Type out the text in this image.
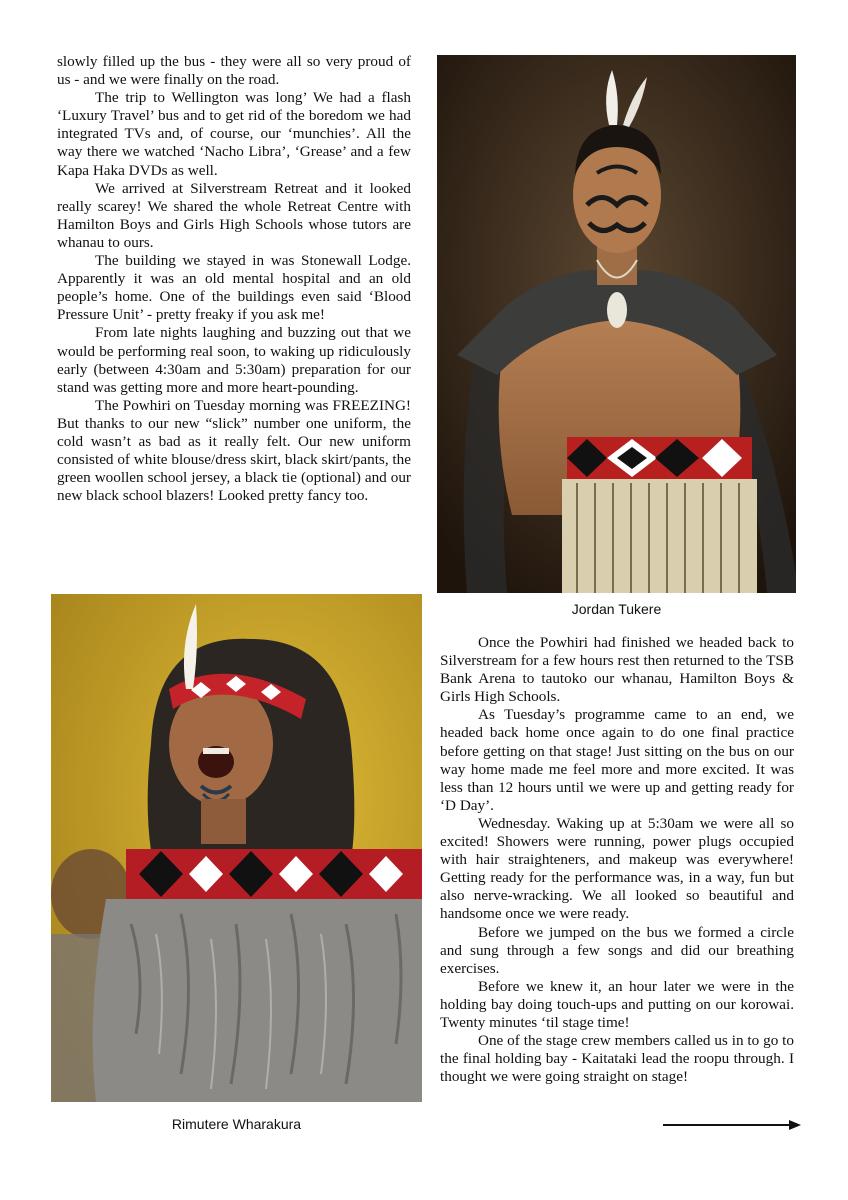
slowly filled up the bus - they were all so very proud of us - and we were finally on the road.

The trip to Wellington was long’ We had a flash ‘Luxury Travel’ bus and to get rid of the boredom we had integrated TVs and, of course, our ‘munchies’. All the way there we watched ‘Nacho Libra’, ‘Grease’ and a few Kapa Haka DVDs as well.

We arrived at Silverstream Retreat and it looked really scarey! We shared the whole Retreat Centre with Hamilton Boys and Girls High Schools whose tutors are whanau to ours.

The building we stayed in was Stonewall Lodge. Apparently it was an old mental hospital and an old people’s home. One of the buildings even said ‘Blood Pressure Unit’ - pretty freaky if you ask me!

From late nights laughing and buzzing out that we would be performing real soon, to waking up ridiculously early (between 4:30am and 5:30am) preparation for our stand was getting more and more heart-pounding.

The Powhiri on Tuesday morning was FREEZING! But thanks to our new “slick” number one uniform, the cold wasn’t as bad as it really felt. Our new uniform consisted of white blouse/dress skirt, black skirt/pants, the green woollen school jersey, a black tie (optional) and our new black school blazers! Looked pretty fancy too.

Jordan Tukere
Rimutere Wharakura

Once the Powhiri had finished we headed back to Silverstream for a few hours rest then returned to the TSB Bank Arena to tautoko our whanau, Hamilton Boys & Girls High Schools.

As Tuesday’s programme came to an end, we headed back home once again to do one final practice before getting on that stage! Just sitting on the bus on our way home made me feel more and more excited. It was less than 12 hours until we were up and getting ready for ‘D Day’.

Wednesday. Waking up at 5:30am we were all so excited! Showers were running, power plugs occupied with hair straighteners, and makeup was everywhere! Getting ready for the performance was, in a way, fun but also nerve-wracking. We all looked so beautiful and handsome once we were ready.

Before we jumped on the bus we formed a circle and sung through a few songs and did our breathing exercises.

Before we knew it, an hour later we were in the holding bay doing touch-ups and putting on our korowai. Twenty minutes ‘til stage time!

One of the stage crew members called us in to go to the final holding bay - Kaitataki lead the roopu through. I thought we were going straight on stage!
